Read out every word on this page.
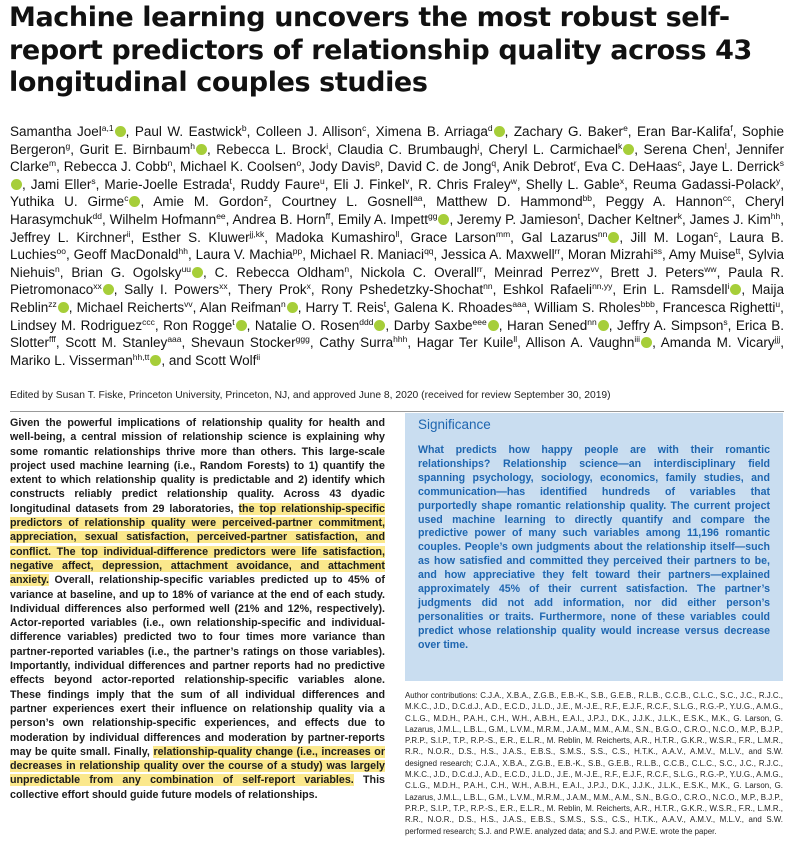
Machine learning uncovers the most robust self-report predictors of relationship quality across 43 longitudinal couples studies

Samantha Joel$^{a,1}$ , Paul W. Eastwick$^b$, Colleen J. Allison$^c$, Ximena B. Arriaga$^d$ , Zachary G. Baker$^e$, Eran Bar-Kalifa$^f$, Sophie Bergeron$^g$, Gurit E. Birnbaum$^h$ , Rebecca L. Brock$^i$, Claudia C. Brumbaugh$^j$, Cheryl L. Carmichael$^k$ , Serena Chen$^l$, Jennifer Clarke$^m$, Rebecca J. Cobb$^n$, Michael K. Coolsen$^o$, Jody Davis$^p$, David C. de Jong$^q$, Anik Debrot$^r$, Eva C. DeHaas$^c$, Jaye L. Derrick$^s$, Jami Eller$^s$, Marie-Joelle Estrada$^t$, Ruddy Faure$^u$, Eli J. Finkel$^v$, R. Chris Fraley$^w$, Shelly L. Gable$^x$, Reuma Gadassi-Polack$^y$, Yuthika U. Girme$^c$ , Amie M. Gordon$^z$, Courtney L. Gosnell$^{aa}$, Matthew D. Hammond$^{bb}$, Peggy A. Hannon$^{cc}$, Cheryl Harasymchuk$^{dd}$, Wilhelm Hofmann$^{ee}$, Andrea B. Horn$^{ff}$, Emily A. Impett$^{gg}$ , Jeremy P. Jamieson$^t$, Dacher Keltner$^k$, James J. Kim$^{hh}$, Jeffrey L. Kirchner$^{ii}$, Esther S. Kluwer$^{jj,kk}$, Madoka Kumashiro$^{ll}$, Grace Larson$^{mm}$, Gal Lazarus$^{nn}$ , Jill M. Logan$^c$, Laura B. Luchies$^{oo}$, Geoff MacDonald$^{hh}$, Laura V. Machia$^{pp}$, Michael R. Maniaci$^{qq}$, Jessica A. Maxwell$^{rr}$, Moran Mizrahi$^{ss}$, Amy Muise$^{tt}$, Sylvia Niehuis$^n$, Brian G. Ogolsky$^{uu}$ , C. Rebecca Oldham$^n$, Nickola C. Overall$^{rr}$, Meinrad Perrez$^{vv}$, Brett J. Peters$^{ww}$, Paula R. Pietromonaco$^{xx}$ , Sally I. Powers$^{xx}$, Thery Prok$^x$, Rony Pshedetzky-Shochat$^{nn}$, Eshkol Rafaeli$^{nn,yy}$, Erin L. Ramsdell$^i$ , Maija Reblin$^{zz}$ , Michael Reicherts$^{vv}$, Alan Reifman$^n$ , Harry T. Reis$^t$, Galena K. Rhoades$^{aaa}$, William S. Rholes$^{bbb}$, Francesca Righetti$^u$, Lindsey M. Rodriguez$^{ccc}$, Ron Rogge$^t$ , Natalie O. Rosen$^{ddd}$ , Darby Saxbe$^{eee}$ , Haran Sened$^{nn}$ , Jeffry A. Simpson$^s$, Erica B. Slotter$^{fff}$, Scott M. Stanley$^{aaa}$, Shevaun Stocker$^{ggg}$, Cathy Surra$^{hhh}$, Hagar Ter Kuile$^{ll}$, Allison A. Vaughn$^{iii}$ , Amanda M. Vicary$^{jjj}$, Mariko L. Visserman$^{hh,tt}$ , and Scott Wolf$^{ii}$

Edited by Susan T. Fiske, Princeton University, Princeton, NJ, and approved June 8, 2020 (received for review September 30, 2019)

Given the powerful implications of relationship quality for health and well-being, a central mission of relationship science is explaining why some romantic relationships thrive more than others. This large-scale project used machine learning (i.e., Random Forests) to 1) quantify the extent to which relationship quality is predictable and 2) identify which constructs reliably predict relationship quality. Across 43 dyadic longitudinal datasets from 29 laboratories, the top relationship-specific predictors of relationship quality were perceived-partner commitment, appreciation, sexual satisfaction, perceived-partner satisfaction, and conflict. The top individual-difference predictors were life satisfaction, negative affect, depression, attachment avoidance, and attachment anxiety. Overall, relationship-specific variables predicted up to 45% of variance at baseline, and up to 18% of variance at the end of each study. Individual differences also performed well (21% and 12%, respectively). Actor-reported variables (i.e., own relationship-specific and individual-difference variables) predicted two to four times more variance than partner-reported variables (i.e., the partner’s ratings on those variables). Importantly, individual differences and partner reports had no predictive effects beyond actor-reported relationship-specific variables alone. These findings imply that the sum of all individual differences and partner experiences exert their influence on relationship quality via a person’s own relationship-specific experiences, and effects due to moderation by individual differences and moderation by partner-reports may be quite small. Finally, relationship-quality change (i.e., increases or decreases in relationship quality over the course of a study) was largely unpredictable from any combination of self-report variables. This collective effort should guide future models of relationships.

Significance

What predicts how happy people are with their romantic relationships? Relationship science—an interdisciplinary field spanning psychology, sociology, economics, family studies, and communication—has identified hundreds of variables that purportedly shape romantic relationship quality. The current project used machine learning to directly quantify and compare the predictive power of many such variables among 11,196 romantic couples. People’s own judgments about the relationship itself—such as how satisfied and committed they perceived their partners to be, and how appreciative they felt toward their partners—explained approximately 45% of their current satisfaction. The partner’s judgments did not add information, nor did either person’s personalities or traits. Furthermore, none of these variables could predict whose relationship quality would increase versus decrease over time.

Author contributions: C.J.A., X.B.A., Z.G.B., E.B.-K., S.B., G.E.B., R.L.B., C.C.B., C.L.C., S.C., J.C., R.J.C., M.K.C., J.D., D.C.d.J., A.D., E.C.D., J.L.D., J.E., M.-J.E., R.F., E.J.F., R.C.F., S.L.G., R.G.-P., Y.U.G., A.M.G., C.L.G., M.D.H., P.A.H., C.H., W.H., A.B.H., E.A.I., J.P.J., D.K., J.J.K., J.L.K., E.S.K., M.K., G. Larson, G. Lazarus, J.M.L., L.B.L., G.M., L.V.M., M.R.M., J.A.M., M.M., A.M., S.N., B.G.O., C.R.O., N.C.O., M.P., B.J.P., P.R.P., S.I.P., T.P., R.P.-S., E.R., E.L.R., M. Reblin, M. Reicherts, A.R., H.T.R., G.K.R., W.S.R., F.R., L.M.R., R.R., N.O.R., D.S., H.S., J.A.S., E.B.S., S.M.S., S.S., C.S., H.T.K., A.A.V., A.M.V., M.L.V., and S.W. designed research; C.J.A., X.B.A., Z.G.B., E.B.-K., S.B., G.E.B., R.L.B., C.C.B., C.L.C., S.C., J.C., R.J.C., M.K.C., J.D., D.C.d.J., A.D., E.C.D., J.L.D., J.E., M.-J.E., R.F., E.J.F., R.C.F., S.L.G., R.G.-P., Y.U.G., A.M.G., C.L.G., M.D.H., P.A.H., C.H., W.H., A.B.H., E.A.I., J.P.J., D.K., J.J.K., J.L.K., E.S.K., M.K., G. Larson, G. Lazarus, J.M.L., L.B.L., G.M., L.V.M., M.R.M., J.A.M., M.M., A.M., S.N., B.G.O., C.R.O., N.C.O., M.P., B.J.P., P.R.P., S.I.P., T.P., R.P.-S., E.R., E.L.R., M. Reblin, M. Reicherts, A.R., H.T.R., G.K.R., W.S.R., F.R., L.M.R., R.R., N.O.R., D.S., H.S., J.A.S., E.B.S., S.M.S., S.S., C.S., H.T.K., A.A.V., A.M.V., M.L.V., and S.W. performed research; S.J. and P.W.E. analyzed data; and S.J. and P.W.E. wrote the paper.
